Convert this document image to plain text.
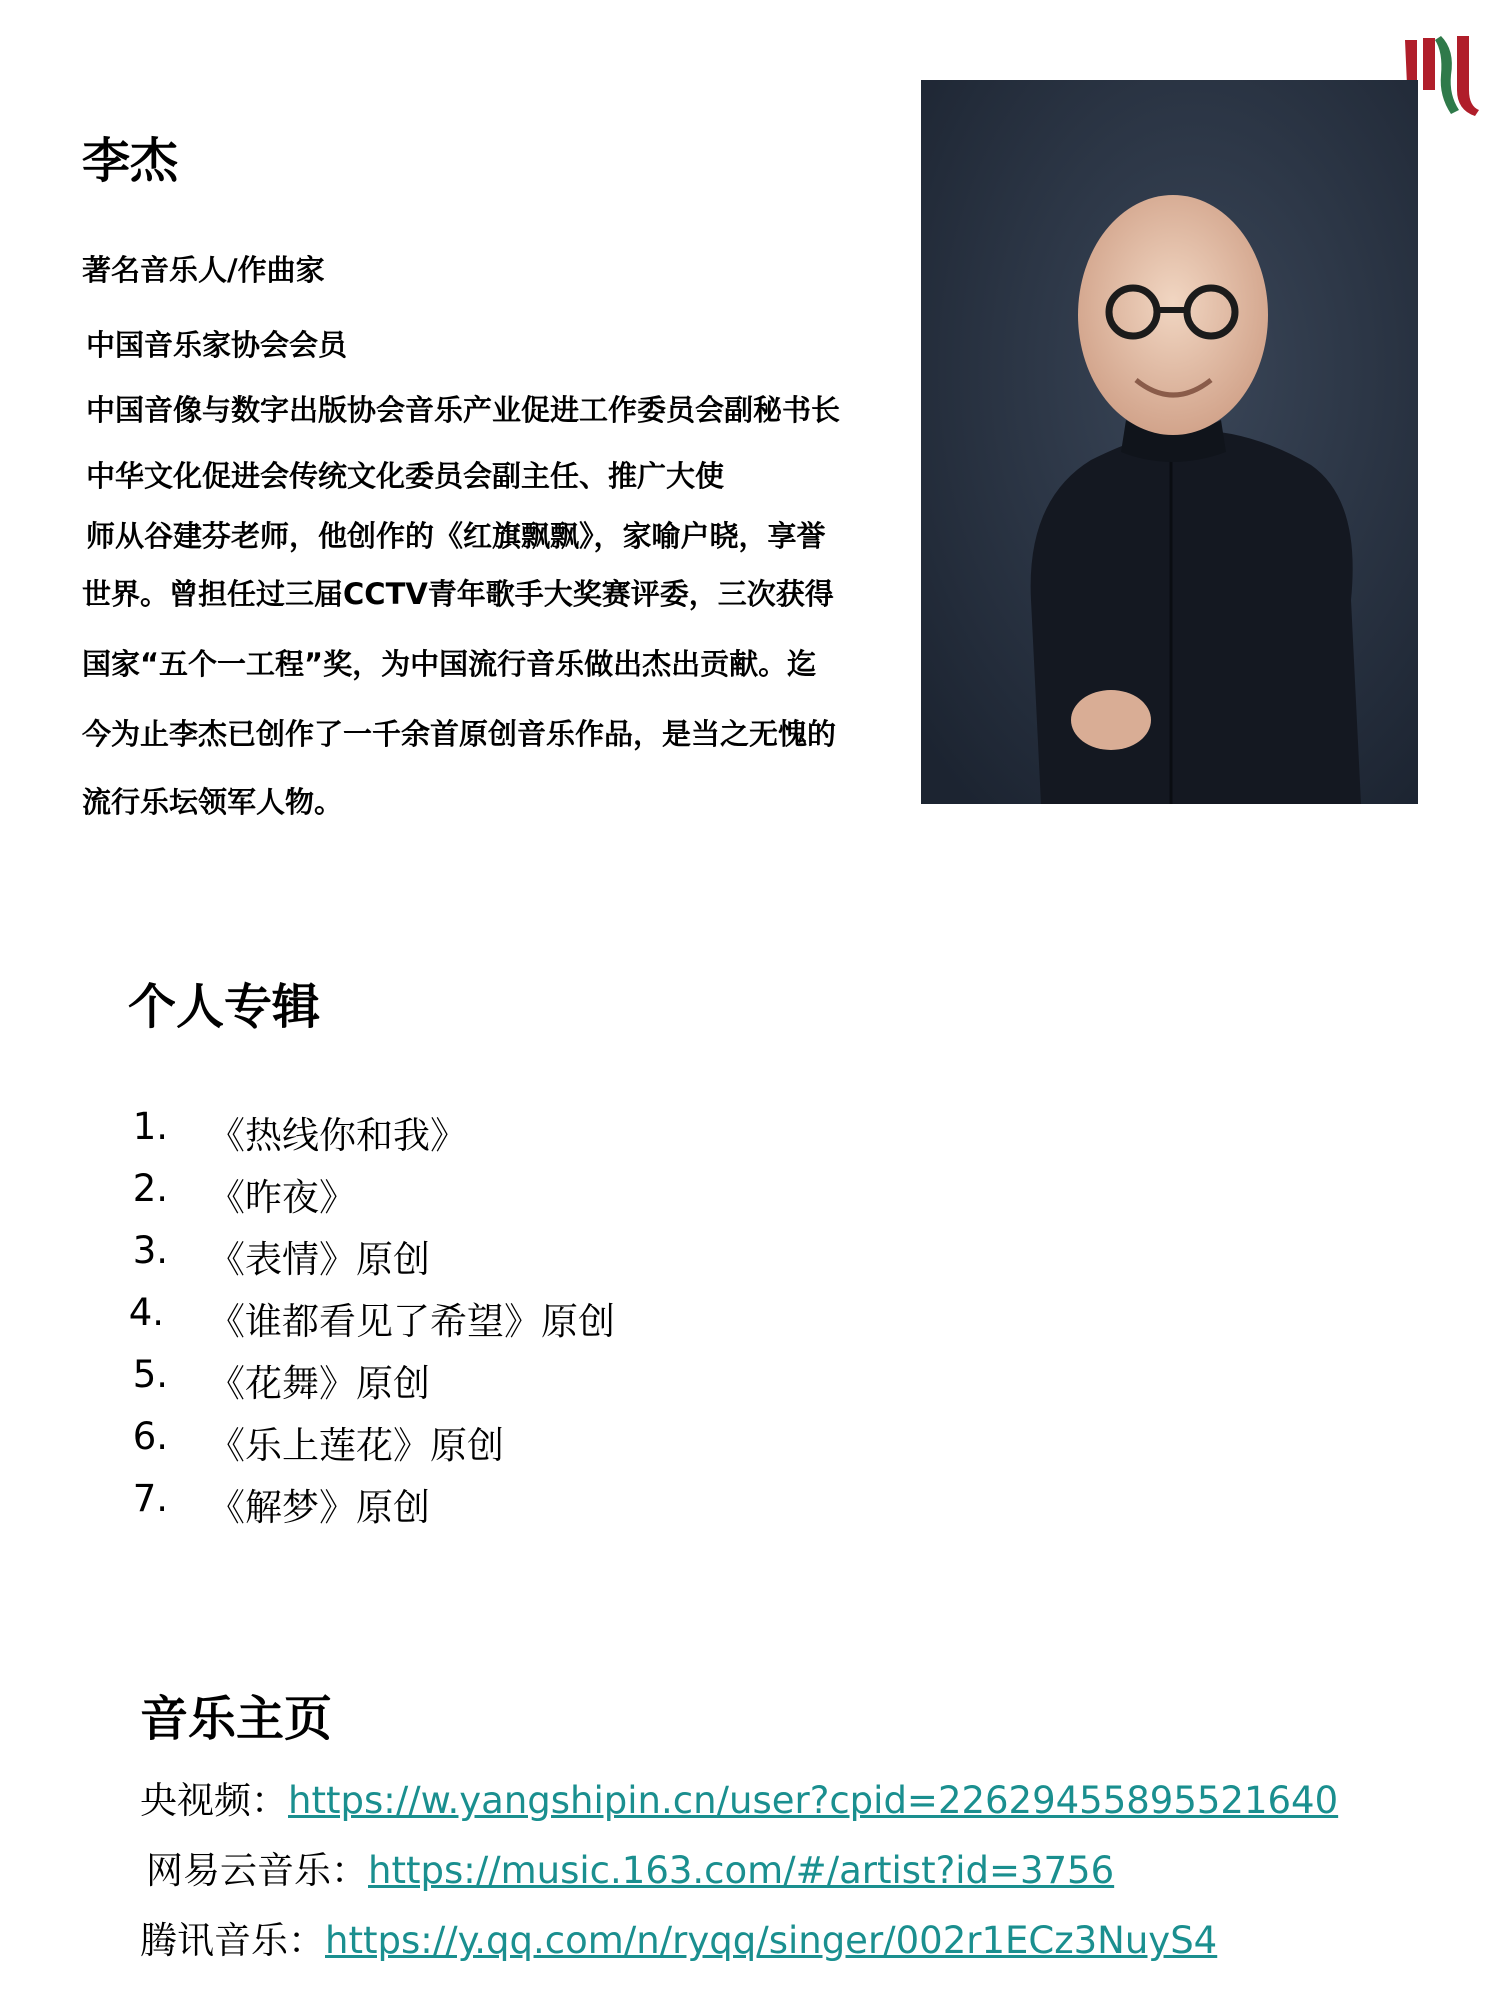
李杰
著名音乐人/作曲家
中国音乐家协会会员
中国音像与数字出版协会音乐产业促进工作委员会副秘书长
中华文化促进会传统文化委员会副主任、推广大使
师从谷建芬老师，他创作的《红旗飘飘》，家喻户晓，享誉
世界。曾担任过三届CCTV青年歌手大奖赛评委，三次获得
国家“五个一工程”奖，为中国流行音乐做出杰出贡献。迄
今为止李杰已创作了一千余首原创音乐作品，是当之无愧的
流行乐坛领军人物。
个人专辑
1. 《热线你和我》
2. 《昨夜》
3. 《表情》原创
4. 《谁都看见了希望》原创
5. 《花舞》原创
6. 《乐上莲花》原创
7. 《解梦》原创
音乐主页
央视频：https://w.yangshipin.cn/user?cpid=22629455895521640
网易云音乐：https://music.163.com/#/artist?id=3756
腾讯音乐：https://y.qq.com/n/ryqq/singer/002r1ECz3NuyS4
